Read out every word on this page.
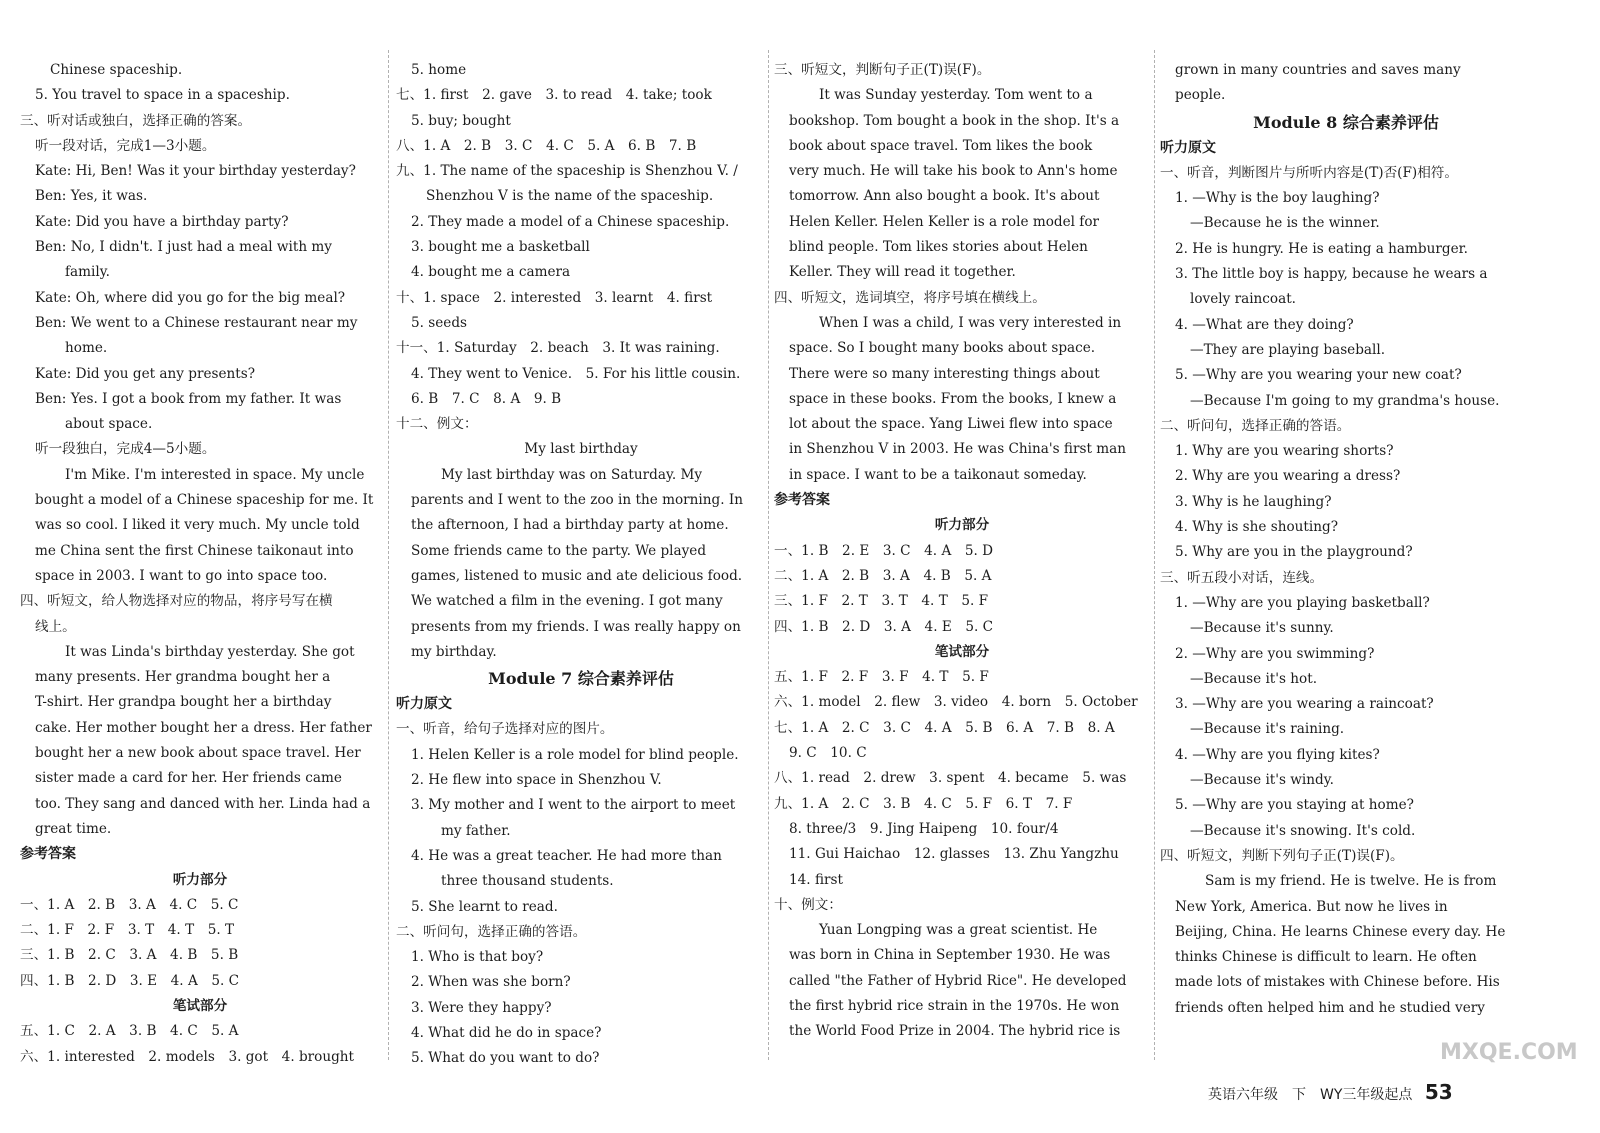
Chinese spaceship.
5. You travel to space in a spaceship.
三、听对话或独白，选择正确的答案。
听一段对话，完成1—3小题。
Kate: Hi, Ben! Was it your birthday yesterday?
Ben: Yes, it was.
Kate: Did you have a birthday party?
Ben: No, I didn't. I just had a meal with my
family.
Kate: Oh, where did you go for the big meal?
Ben: We went to a Chinese restaurant near my
home.
Kate: Did you get any presents?
Ben: Yes. I got a book from my father. It was
about space.
听一段独白，完成4—5小题。
I'm Mike. I'm interested in space. My uncle
bought a model of a Chinese spaceship for me. It
was so cool. I liked it very much. My uncle told
me China sent the first Chinese taikonaut into
space in 2003. I want to go into space too.
四、听短文，给人物选择对应的物品，将序号写在横
线上。
It was Linda's birthday yesterday. She got
many presents. Her grandma bought her a
T-shirt. Her grandpa bought her a birthday
cake. Her mother bought her a dress. Her father
bought her a new book about space travel. Her
sister made a card for her. Her friends came
too. They sang and danced with her. Linda had a
great time.
参考答案
听力部分
一、1. A　2. B　3. A　4. C　5. C
二、1. F　2. F　3. T　4. T　5. T
三、1. B　2. C　3. A　4. B　5. B
四、1. B　2. D　3. E　4. A　5. C
笔试部分
五、1. C　2. A　3. B　4. C　5. A
六、1. interested　2. models　3. got　4. brought
5. home
七、1. first　2. gave　3. to read　4. take; took
5. buy; bought
八、1. A　2. B　3. C　4. C　5. A　6. B　7. B
九、1. The name of the spaceship is Shenzhou V. /
Shenzhou V is the name of the spaceship.
2. They made a model of a Chinese spaceship.
3. bought me a basketball
4. bought me a camera
十、1. space　2. interested　3. learnt　4. first
5. seeds
十一、1. Saturday　2. beach　3. It was raining.
4. They went to Venice.　5. For his little cousin.
6. B　7. C　8. A　9. B
十二、例文：
My last birthday
My last birthday was on Saturday. My
parents and I went to the zoo in the morning. In
the afternoon, I had a birthday party at home.
Some friends came to the party. We played
games, listened to music and ate delicious food.
We watched a film in the evening. I got many
presents from my friends. I was really happy on
my birthday.
Module 7 综合素养评估
听力原文
一、听音，给句子选择对应的图片。
1. Helen Keller is a role model for blind people.
2. He flew into space in Shenzhou V.
3. My mother and I went to the airport to meet
my father.
4. He was a great teacher. He had more than
three thousand students.
5. She learnt to read.
二、听问句，选择正确的答语。
1. Who is that boy?
2. When was she born?
3. Were they happy?
4. What did he do in space?
5. What do you want to do?
三、听短文，判断句子正(T)误(F)。
It was Sunday yesterday. Tom went to a
bookshop. Tom bought a book in the shop. It's a
book about space travel. Tom likes the book
very much. He will take his book to Ann's home
tomorrow. Ann also bought a book. It's about
Helen Keller. Helen Keller is a role model for
blind people. Tom likes stories about Helen
Keller. They will read it together.
四、听短文，选词填空，将序号填在横线上。
When I was a child, I was very interested in
space. So I bought many books about space.
There were so many interesting things about
space in these books. From the books, I knew a
lot about the space. Yang Liwei flew into space
in Shenzhou V in 2003. He was China's first man
in space. I want to be a taikonaut someday.
参考答案
听力部分
一、1. B　2. E　3. C　4. A　5. D
二、1. A　2. B　3. A　4. B　5. A
三、1. F　2. T　3. T　4. T　5. F
四、1. B　2. D　3. A　4. E　5. C
笔试部分
五、1. F　2. F　3. F　4. T　5. F
六、1. model　2. flew　3. video　4. born　5. October
七、1. A　2. C　3. C　4. A　5. B　6. A　7. B　8. A
9. C　10. C
八、1. read　2. drew　3. spent　4. became　5. was
九、1. A　2. C　3. B　4. C　5. F　6. T　7. F
8. three/3　9. Jing Haipeng　10. four/4
11. Gui Haichao　12. glasses　13. Zhu Yangzhu
14. first
十、例文：
Yuan Longping was a great scientist. He
was born in China in September 1930. He was
called "the Father of Hybrid Rice". He developed
the first hybrid rice strain in the 1970s. He won
the World Food Prize in 2004. The hybrid rice is
grown in many countries and saves many
people.
Module 8 综合素养评估
听力原文
一、听音，判断图片与所听内容是(T)否(F)相符。
1. —Why is the boy laughing?
—Because he is the winner.
2. He is hungry. He is eating a hamburger.
3. The little boy is happy, because he wears a
lovely raincoat.
4. —What are they doing?
—They are playing baseball.
5. —Why are you wearing your new coat?
—Because I'm going to my grandma's house.
二、听问句，选择正确的答语。
1. Why are you wearing shorts?
2. Why are you wearing a dress?
3. Why is he laughing?
4. Why is she shouting?
5. Why are you in the playground?
三、听五段小对话，连线。
1. —Why are you playing basketball?
—Because it's sunny.
2. —Why are you swimming?
—Because it's hot.
3. —Why are you wearing a raincoat?
—Because it's raining.
4. —Why are you flying kites?
—Because it's windy.
5. —Why are you staying at home?
—Because it's snowing. It's cold.
四、听短文，判断下列句子正(T)误(F)。
Sam is my friend. He is twelve. He is from
New York, America. But now he lives in
Beijing, China. He learns Chinese every day. He
thinks Chinese is difficult to learn. He often
made lots of mistakes with Chinese before. His
friends often helped him and he studied very
MXQE.COM
英语六年级　下　WY三年级起点 53
